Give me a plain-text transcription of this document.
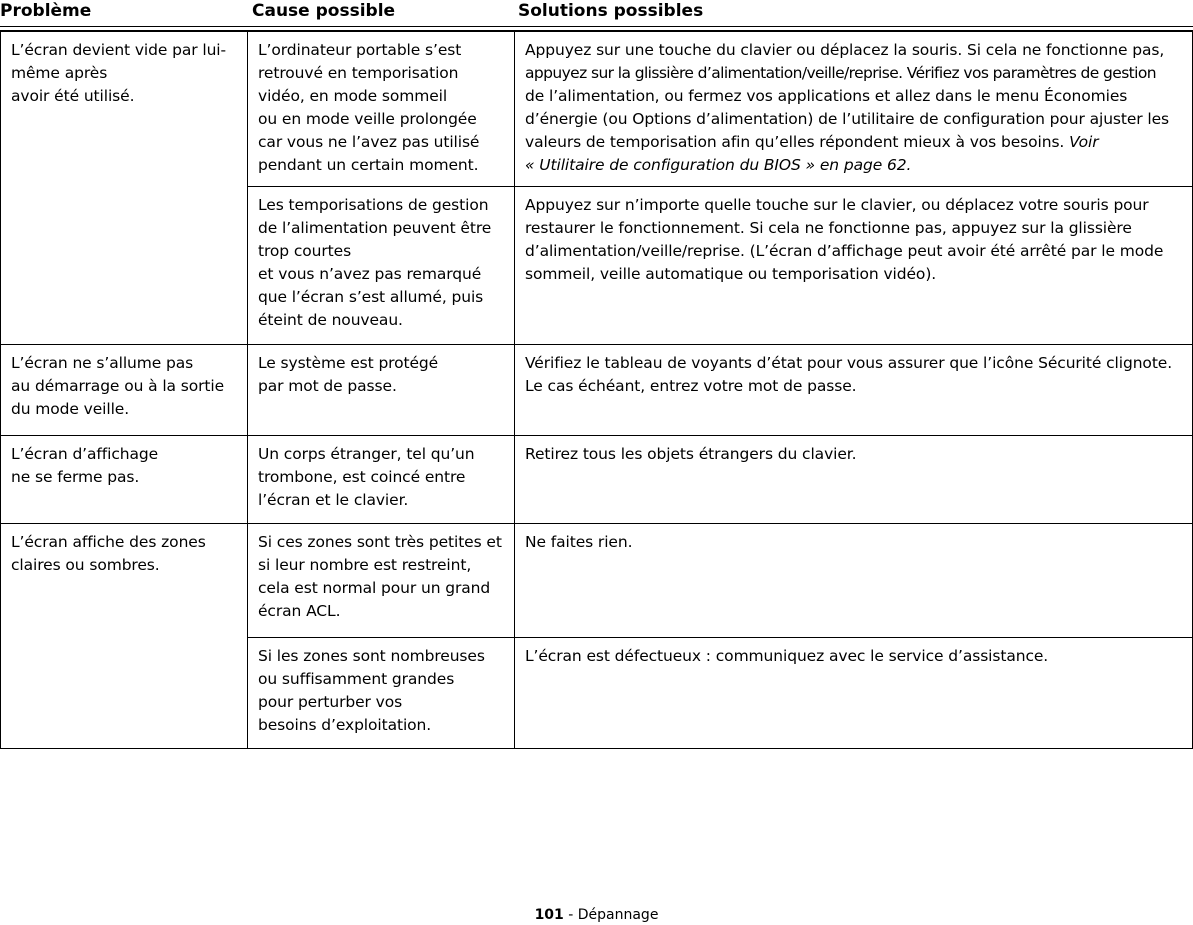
Problème	Cause possible	Solutions possibles
L’écran devient vide par lui-
même après
avoir été utilisé.
L’ordinateur portable s’est
retrouvé en temporisation
vidéo, en mode sommeil
ou en mode veille prolongée
car vous ne l’avez pas utilisé
pendant un certain moment.
Appuyez sur une touche du clavier ou déplacez la souris. Si cela ne fonctionne pas,
appuyez sur la glissière d’alimentation/veille/reprise. Vérifiez vos paramètres de gestion
de l’alimentation, ou fermez vos applications et allez dans le menu Économies
d’énergie (ou Options d’alimentation) de l’utilitaire de configuration pour ajuster les
valeurs de temporisation afin qu’elles répondent mieux à vos besoins. Voir
« Utilitaire de configuration du BIOS » en page 62.
Les temporisations de gestion
de l’alimentation peuvent être
trop courtes
et vous n’avez pas remarqué
que l’écran s’est allumé, puis
éteint de nouveau.
Appuyez sur n’importe quelle touche sur le clavier, ou déplacez votre souris pour
restaurer le fonctionnement. Si cela ne fonctionne pas, appuyez sur la glissière
d’alimentation/veille/reprise. (L’écran d’affichage peut avoir été arrêté par le mode
sommeil, veille automatique ou temporisation vidéo).
L’écran ne s’allume pas
au démarrage ou à la sortie
du mode veille.
Le système est protégé
par mot de passe.
Vérifiez le tableau de voyants d’état pour vous assurer que l’icône Sécurité clignote.
Le cas échéant, entrez votre mot de passe.
L’écran d’affichage
ne se ferme pas.
Un corps étranger, tel qu’un
trombone, est coincé entre
l’écran et le clavier.
Retirez tous les objets étrangers du clavier.
L’écran affiche des zones
claires ou sombres.
Si ces zones sont très petites et
si leur nombre est restreint,
cela est normal pour un grand
écran ACL.
Ne faites rien.
Si les zones sont nombreuses
ou suffisamment grandes
pour perturber vos
besoins d’exploitation.
L’écran est défectueux : communiquez avec le service d’assistance.
101 - Dépannage
